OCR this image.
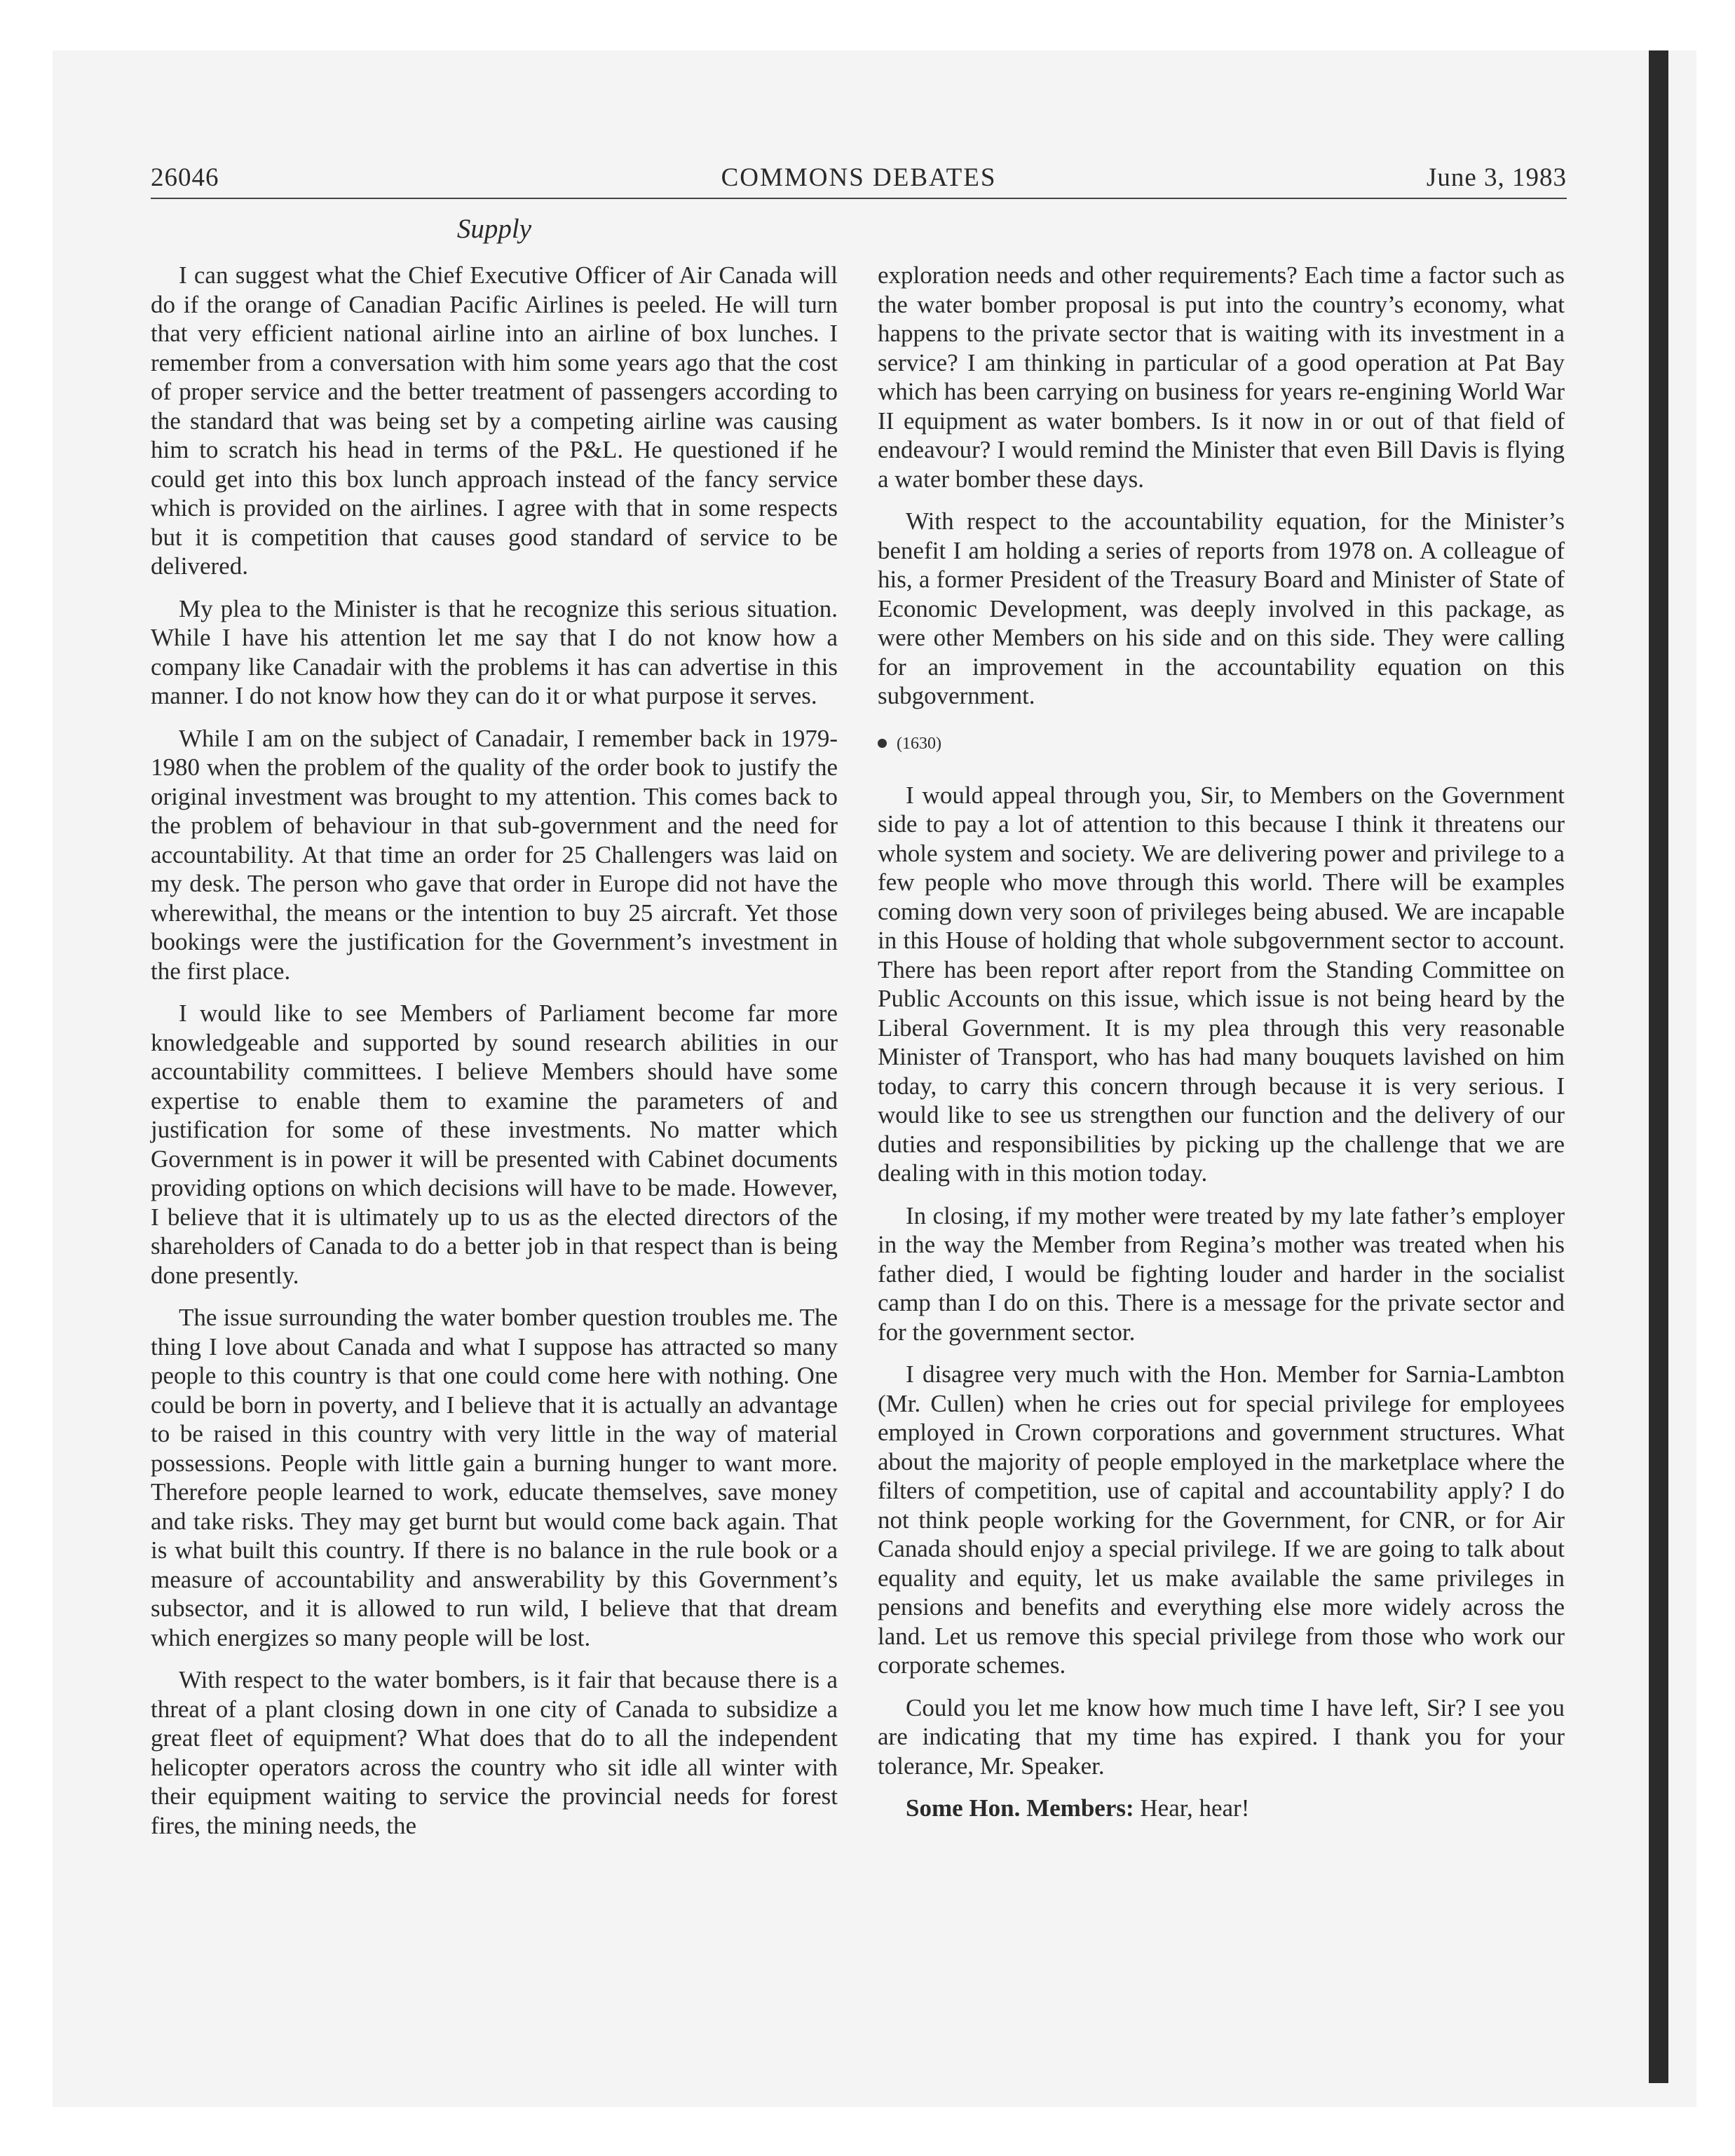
26046	COMMONS DEBATES	June 3, 1983
Supply

I can suggest what the Chief Executive Officer of Air Canada will do if the orange of Canadian Pacific Airlines is peeled. He will turn that very efficient national airline into an airline of box lunches. I remember from a conversation with him some years ago that the cost of proper service and the better treatment of passengers according to the standard that was being set by a competing airline was causing him to scratch his head in terms of the P&L. He questioned if he could get into this box lunch approach instead of the fancy service which is provided on the airlines. I agree with that in some respects but it is competition that causes good standard of service to be delivered.

My plea to the Minister is that he recognize this serious situation. While I have his attention let me say that I do not know how a company like Canadair with the problems it has can advertise in this manner. I do not know how they can do it or what purpose it serves.

While I am on the subject of Canadair, I remember back in 1979-1980 when the problem of the quality of the order book to justify the original investment was brought to my attention. This comes back to the problem of behaviour in that sub-government and the need for accountability. At that time an order for 25 Challengers was laid on my desk. The person who gave that order in Europe did not have the wherewithal, the means or the intention to buy 25 aircraft. Yet those bookings were the justification for the Government’s investment in the first place.

I would like to see Members of Parliament become far more knowledgeable and supported by sound research abilities in our accountability committees. I believe Members should have some expertise to enable them to examine the parameters of and justification for some of these investments. No matter which Government is in power it will be presented with Cabinet documents providing options on which decisions will have to be made. However, I believe that it is ultimately up to us as the elected directors of the shareholders of Canada to do a better job in that respect than is being done presently.

The issue surrounding the water bomber question troubles me. The thing I love about Canada and what I suppose has attracted so many people to this country is that one could come here with nothing. One could be born in poverty, and I believe that it is actually an advantage to be raised in this country with very little in the way of material possessions. People with little gain a burning hunger to want more. Therefore people learned to work, educate themselves, save money and take risks. They may get burnt but would come back again. That is what built this country. If there is no balance in the rule book or a measure of accountability and answerability by this Government’s subsector, and it is allowed to run wild, I believe that that dream which energizes so many people will be lost.

With respect to the water bombers, is it fair that because there is a threat of a plant closing down in one city of Canada to subsidize a great fleet of equipment? What does that do to all the independent helicopter operators across the country who sit idle all winter with their equipment waiting to service the provincial needs for forest fires, the mining needs, the

exploration needs and other requirements? Each time a factor such as the water bomber proposal is put into the country’s economy, what happens to the private sector that is waiting with its investment in a service? I am thinking in particular of a good operation at Pat Bay which has been carrying on business for years re-engining World War II equipment as water bombers. Is it now in or out of that field of endeavour? I would remind the Minister that even Bill Davis is flying a water bomber these days.

With respect to the accountability equation, for the Minister’s benefit I am holding a series of reports from 1978 on. A colleague of his, a former President of the Treasury Board and Minister of State of Economic Development, was deeply involved in this package, as were other Members on his side and on this side. They were calling for an improvement in the accountability equation on this subgovernment.

(1630)

I would appeal through you, Sir, to Members on the Government side to pay a lot of attention to this because I think it threatens our whole system and society. We are delivering power and privilege to a few people who move through this world. There will be examples coming down very soon of privileges being abused. We are incapable in this House of holding that whole subgovernment sector to account. There has been report after report from the Standing Committee on Public Accounts on this issue, which issue is not being heard by the Liberal Government. It is my plea through this very reasonable Minister of Transport, who has had many bouquets lavished on him today, to carry this concern through because it is very serious. I would like to see us strengthen our function and the delivery of our duties and responsibilities by picking up the challenge that we are dealing with in this motion today.

In closing, if my mother were treated by my late father’s employer in the way the Member from Regina’s mother was treated when his father died, I would be fighting louder and harder in the socialist camp than I do on this. There is a message for the private sector and for the government sector.

I disagree very much with the Hon. Member for Sarnia-Lambton (Mr. Cullen) when he cries out for special privilege for employees employed in Crown corporations and government structures. What about the majority of people employed in the marketplace where the filters of competition, use of capital and accountability apply? I do not think people working for the Government, for CNR, or for Air Canada should enjoy a special privilege. If we are going to talk about equality and equity, let us make available the same privileges in pensions and benefits and everything else more widely across the land. Let us remove this special privilege from those who work our corporate schemes.

Could you let me know how much time I have left, Sir? I see you are indicating that my time has expired. I thank you for your tolerance, Mr. Speaker.

Some Hon. Members: Hear, hear!
